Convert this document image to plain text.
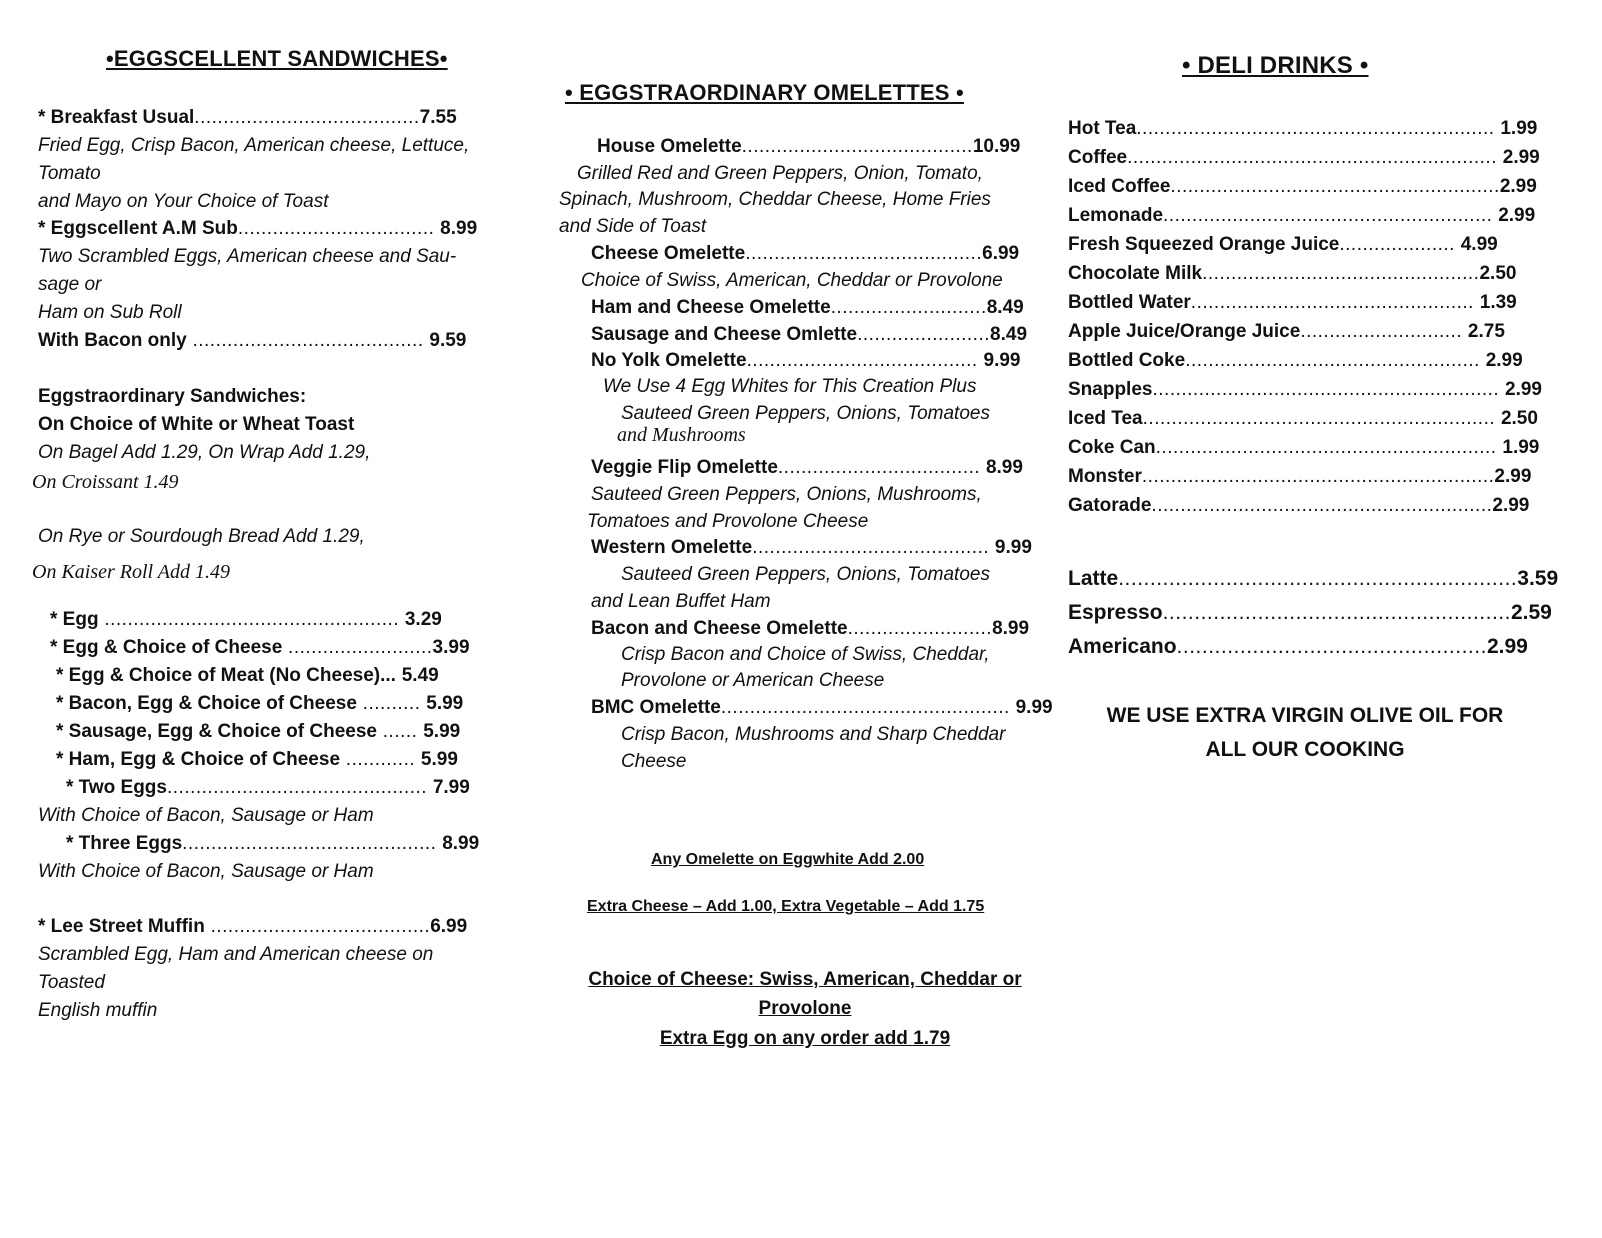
•EGGSCELLENT SANDWICHES•
* Breakfast Usual.......................................7.55
Fried Egg, Crisp Bacon, American cheese, Lettuce,
Tomato
and Mayo on Your Choice of Toast
* Eggscellent A.M Sub.................................. 8.99
Two Scrambled Eggs, American cheese and Sau-
sage or
Ham on Sub Roll
With Bacon only ........................................ 9.59
Eggstraordinary Sandwiches:
On Choice of White or Wheat Toast
On Bagel Add 1.29, On Wrap Add 1.29,
On Croissant 1.49
On Rye or Sourdough Bread Add 1.29,
On Kaiser Roll Add 1.49
* Egg ................................................... 3.29
* Egg & Choice of Cheese .........................3.99
* Egg & Choice of Meat (No Cheese)... 5.49
* Bacon, Egg & Choice of Cheese .......... 5.99
* Sausage, Egg & Choice of Cheese ...... 5.99
* Ham, Egg & Choice of Cheese ............ 5.99
* Two Eggs............................................. 7.99
With Choice of Bacon, Sausage or Ham
* Three Eggs............................................ 8.99
With Choice of Bacon, Sausage or Ham
* Lee Street Muffin ......................................6.99
Scrambled Egg, Ham and American cheese on
Toasted
English muffin
• EGGSTRAORDINARY OMELETTES •
House Omelette........................................10.99
Grilled Red and Green Peppers, Onion, Tomato,
Spinach, Mushroom, Cheddar Cheese, Home Fries
and Side of Toast
Cheese Omelette.........................................6.99
Choice of Swiss, American, Cheddar or Provolone
Ham and Cheese Omelette...........................8.49
Sausage and Cheese Omlette.......................8.49
No Yolk Omelette........................................ 9.99
We Use 4 Egg Whites for This Creation Plus
Sauteed Green Peppers, Onions, Tomatoes
and Mushrooms
Veggie Flip Omelette................................... 8.99
Sauteed Green Peppers, Onions, Mushrooms,
Tomatoes and Provolone Cheese
Western Omelette......................................... 9.99
Sauteed Green Peppers, Onions, Tomatoes
and Lean Buffet Ham
Bacon and Cheese Omelette.........................8.99
Crisp Bacon and Choice of Swiss, Cheddar,
Provolone or American Cheese
BMC Omelette.................................................. 9.99
Crisp Bacon, Mushrooms and Sharp Cheddar
Cheese
Any Omelette on Eggwhite Add 2.00
Extra Cheese – Add 1.00, Extra Vegetable – Add 1.75
Choice of Cheese: Swiss, American, Cheddar or
Provolone
Extra Egg on any order add 1.79
• DELI DRINKS •
Hot Tea.............................................................. 1.99
Coffee................................................................ 2.99
Iced Coffee.........................................................2.99
Lemonade......................................................... 2.99
Fresh Squeezed Orange Juice.................... 4.99
Chocolate Milk................................................2.50
Bottled Water................................................. 1.39
Apple Juice/Orange Juice............................ 2.75
Bottled Coke................................................... 2.99
Snapples............................................................ 2.99
Iced Tea............................................................. 2.50
Coke Can........................................................... 1.99
Monster.............................................................2.99
Gatorade...........................................................2.99
Latte...............................................................3.59
Espresso.......................................................2.59
Americano.................................................2.99
WE USE EXTRA VIRGIN OLIVE OIL FOR
ALL OUR COOKING
